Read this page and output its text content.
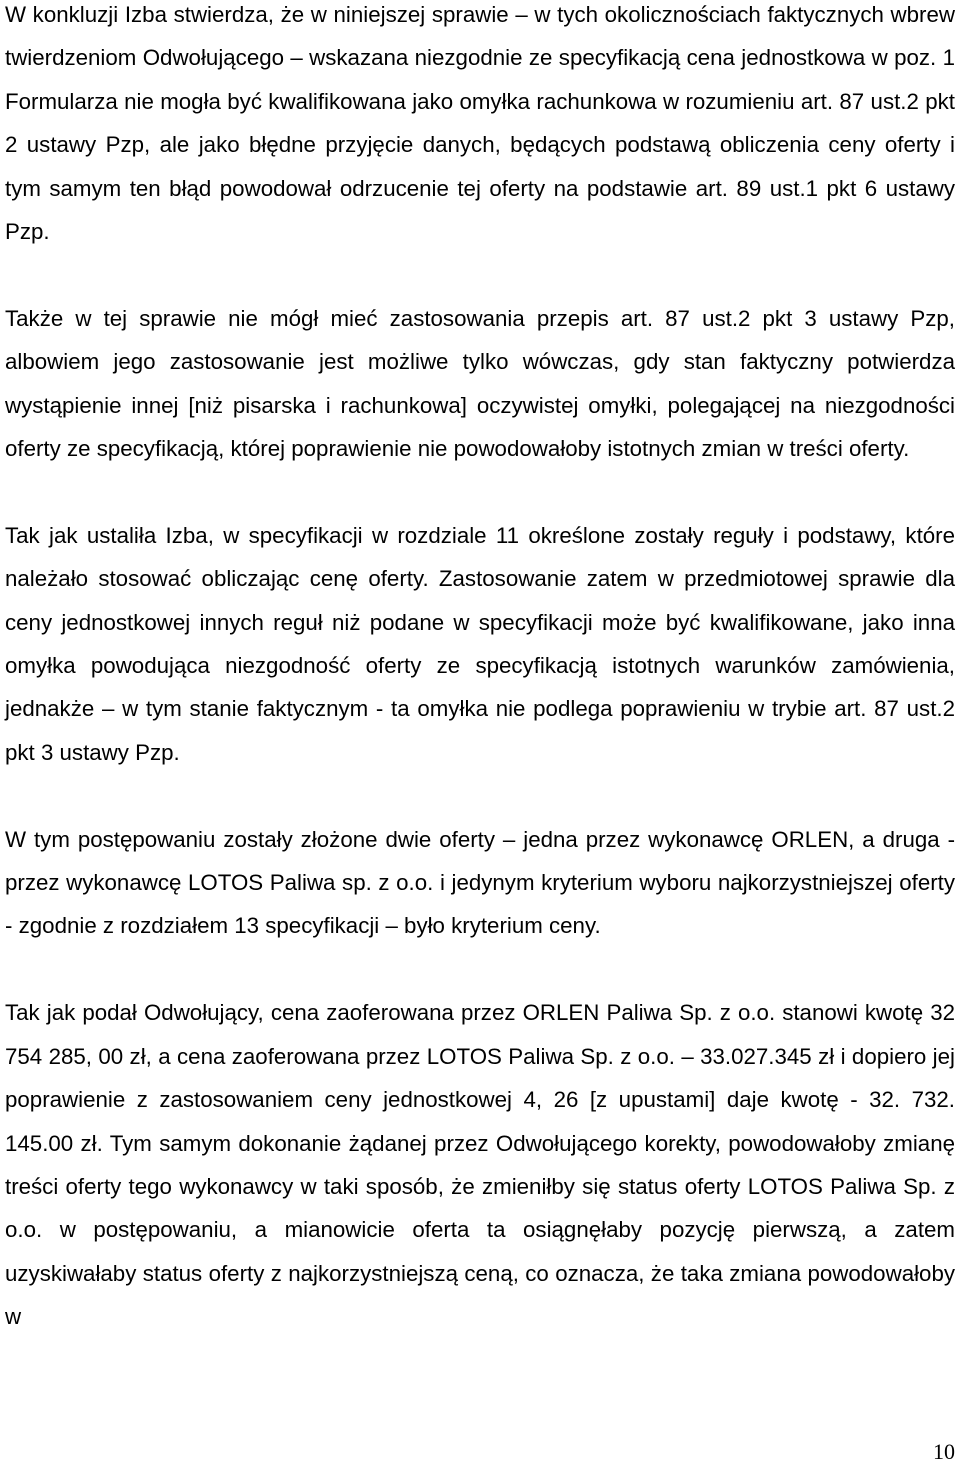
W konkluzji Izba stwierdza, że w niniejszej sprawie – w tych okolicznościach faktycznych wbrew twierdzeniom Odwołującego – wskazana niezgodnie ze specyfikacją cena jednostkowa w poz. 1 Formularza nie mogła być kwalifikowana jako omyłka rachunkowa w rozumieniu art. 87 ust.2 pkt 2 ustawy Pzp, ale jako błędne przyjęcie danych, będących podstawą obliczenia ceny oferty i tym samym ten błąd powodował odrzucenie tej oferty na podstawie art. 89 ust.1 pkt 6 ustawy Pzp.

Także w tej sprawie nie mógł mieć zastosowania przepis art. 87 ust.2 pkt 3 ustawy Pzp, albowiem jego zastosowanie jest możliwe tylko wówczas, gdy stan faktyczny potwierdza wystąpienie innej [niż pisarska i rachunkowa] oczywistej omyłki, polegającej na niezgodności oferty ze specyfikacją, której poprawienie nie powodowałoby istotnych zmian w treści oferty.

Tak jak ustaliła Izba, w specyfikacji w rozdziale 11 określone zostały reguły i podstawy, które należało stosować obliczając cenę oferty. Zastosowanie zatem w przedmiotowej sprawie dla ceny jednostkowej innych reguł niż podane w specyfikacji może być kwalifikowane, jako inna omyłka powodująca niezgodność oferty ze specyfikacją istotnych warunków zamówienia, jednakże – w tym stanie faktycznym - ta omyłka nie podlega poprawieniu w trybie art. 87 ust.2 pkt 3 ustawy Pzp.

W tym postępowaniu zostały złożone dwie oferty – jedna przez wykonawcę ORLEN, a druga - przez wykonawcę LOTOS Paliwa sp. z o.o. i jedynym kryterium wyboru najkorzystniejszej oferty - zgodnie z rozdziałem 13 specyfikacji – było kryterium ceny.

Tak jak podał Odwołujący, cena zaoferowana przez ORLEN Paliwa Sp. z o.o. stanowi kwotę 32 754 285, 00 zł, a cena zaoferowana przez LOTOS Paliwa Sp. z o.o. – 33.027.345 zł i dopiero jej poprawienie z zastosowaniem ceny jednostkowej 4, 26 [z upustami] daje kwotę - 32. 732. 145.00 zł. Tym samym dokonanie żądanej przez Odwołującego korekty, powodowałoby zmianę treści oferty tego wykonawcy w taki sposób, że zmieniłby się status oferty LOTOS Paliwa Sp. z o.o. w postępowaniu, a mianowicie oferta ta osiągnęłaby pozycję pierwszą, a zatem uzyskiwałaby status oferty z najkorzystniejszą ceną, co oznacza, że taka zmiana powodowałoby w

10
